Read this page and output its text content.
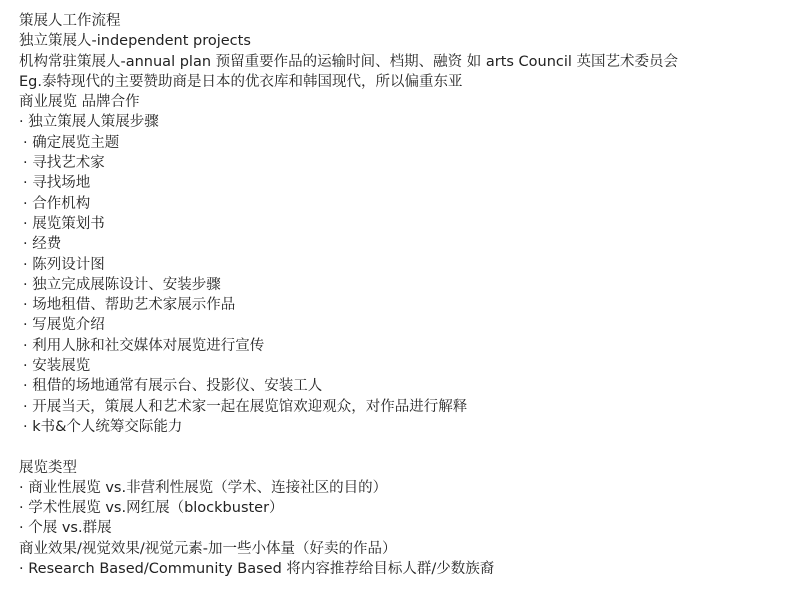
策展人工作流程
独立策展人-independent projects
机构常驻策展人-annual plan 预留重要作品的运输时间、档期、融资 如 arts Council 英国艺术委员会
Eg.泰特现代的主要赞助商是日本的优衣库和韩国现代，所以偏重东亚
商业展览 品牌合作
· 独立策展人策展步骤
· 确定展览主题
· 寻找艺术家
· 寻找场地
· 合作机构
· 展览策划书
· 经费
· 陈列设计图
· 独立完成展陈设计、安装步骤
· 场地租借、帮助艺术家展示作品
· 写展览介绍
· 利用人脉和社交媒体对展览进行宣传
· 安装展览
· 租借的场地通常有展示台、投影仪、安装工人
· 开展当天，策展人和艺术家一起在展览馆欢迎观众，对作品进行解释
· k书&个人统筹交际能力
展览类型
· 商业性展览 vs.非营利性展览（学术、连接社区的目的）
· 学术性展览 vs.网红展（blockbuster）
· 个展 vs.群展
商业效果/视觉效果/视觉元素-加一些小体量（好卖的作品）
· Research Based/Community Based 将内容推荐给目标人群/少数族裔
